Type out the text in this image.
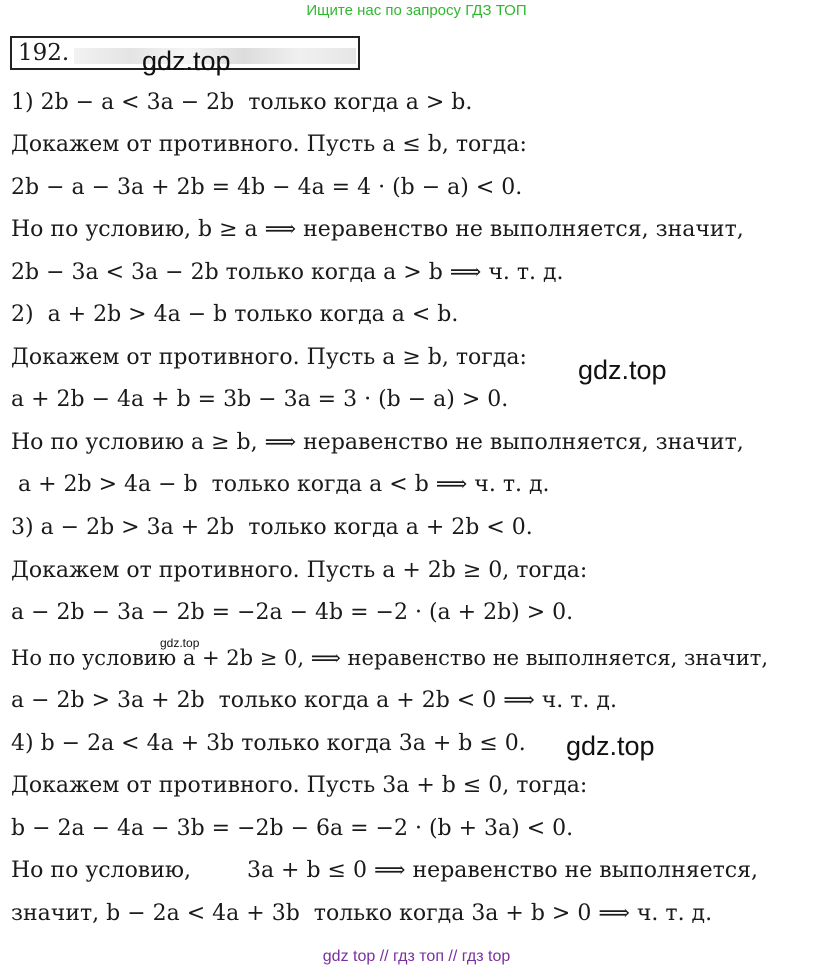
Ищите нас по запросу ГДЗ ТОП
192.	gdz.top
gdz.top
gdz.top
gdz.top
1) 2b − a < 3a − 2b  только когда a > b.
Докажем от противного. Пусть a ≤ b, тогда:
2b − a − 3a + 2b = 4b − 4a = 4 · (b − a) < 0.
Но по условию, b ≥ a ⟹ неравенство не выполняется, значит,
2b − 3a < 3a − 2b только когда a > b ⟹ ч. т. д.
2)  a + 2b > 4a − b только когда a < b.
Докажем от противного. Пусть a ≥ b, тогда:
a + 2b − 4a + b = 3b − 3a = 3 · (b − a) > 0.
Но по условию a ≥ b, ⟹ неравенство не выполняется, значит,
a + 2b > 4a − b  только когда a < b ⟹ ч. т. д.
3) a − 2b > 3a + 2b  только когда a + 2b < 0.
Докажем от противного. Пусть a + 2b ≥ 0, тогда:
a − 2b − 3a − 2b = −2a − 4b = −2 · (a + 2b) > 0.
Но по условию a + 2b ≥ 0, ⟹ неравенство не выполняется, значит,
a − 2b > 3a + 2b  только когда a + 2b < 0 ⟹ ч. т. д.
4) b − 2a < 4a + 3b только когда 3a + b ≤ 0.
Докажем от противного. Пусть 3a + b ≤ 0, тогда:
b − 2a − 4a − 3b = −2b − 6a = −2 · (b + 3a) < 0.
Но по условию,        3a + b ≤ 0 ⟹ неравенство не выполняется,
значит, b − 2a < 4a + 3b  только когда 3a + b > 0 ⟹ ч. т. д.
gdz top // гдз топ // гдз top
